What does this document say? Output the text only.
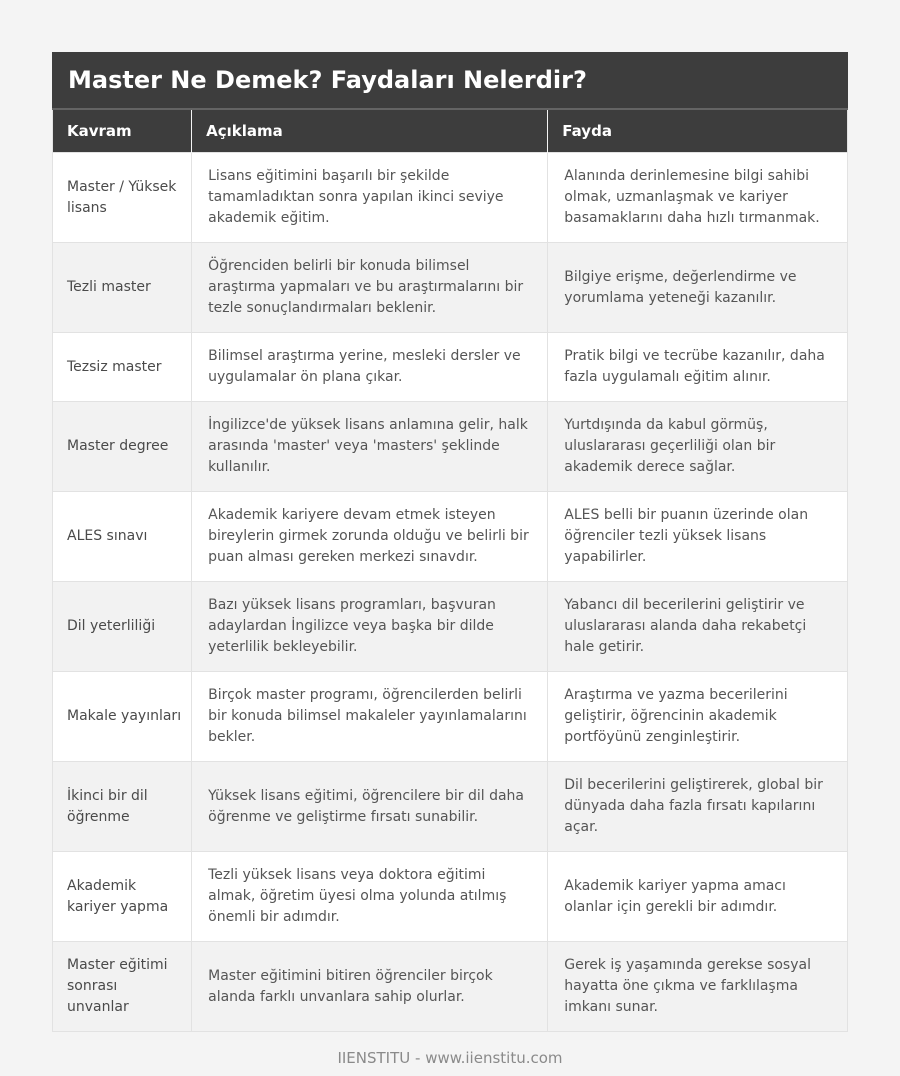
Master Ne Demek? Faydaları Nelerdir?
Kavram	Açıklama	Fayda
Master / Yüksek lisans	Lisans eğitimini başarılı bir şekilde tamamladıktan sonra yapılan ikinci seviye akademik eğitim.	Alanında derinlemesine bilgi sahibi olmak, uzmanlaşmak ve kariyer basamaklarını daha hızlı tırmanmak.
Tezli master	Öğrenciden belirli bir konuda bilimsel araştırma yapmaları ve bu araştırmalarını bir tezle sonuçlandırmaları beklenir.	Bilgiye erişme, değerlendirme ve yorumlama yeteneği kazanılır.
Tezsiz master	Bilimsel araştırma yerine, mesleki dersler ve uygulamalar ön plana çıkar.	Pratik bilgi ve tecrübe kazanılır, daha fazla uygulamalı eğitim alınır.
Master degree	İngilizce'de yüksek lisans anlamına gelir, halk arasında 'master' veya 'masters' şeklinde kullanılır.	Yurtdışında da kabul görmüş, uluslararası geçerliliği olan bir akademik derece sağlar.
ALES sınavı	Akademik kariyere devam etmek isteyen bireylerin girmek zorunda olduğu ve belirli bir puan alması gereken merkezi sınavdır.	ALES belli bir puanın üzerinde olan öğrenciler tezli yüksek lisans yapabilirler.
Dil yeterliliği	Bazı yüksek lisans programları, başvuran adaylardan İngilizce veya başka bir dilde yeterlilik bekleyebilir.	Yabancı dil becerilerini geliştirir ve uluslararası alanda daha rekabetçi hale getirir.
Makale yayınları	Birçok master programı, öğrencilerden belirli bir konuda bilimsel makaleler yayınlamalarını bekler.	Araştırma ve yazma becerilerini geliştirir, öğrencinin akademik portföyünü zenginleştirir.
İkinci bir dil öğrenme	Yüksek lisans eğitimi, öğrencilere bir dil daha öğrenme ve geliştirme fırsatı sunabilir.	Dil becerilerini geliştirerek, global bir dünyada daha fazla fırsatı kapılarını açar.
Akademik kariyer yapma	Tezli yüksek lisans veya doktora eğitimi almak, öğretim üyesi olma yolunda atılmış önemli bir adımdır.	Akademik kariyer yapma amacı olanlar için gerekli bir adımdır.
Master eğitimi sonrası unvanlar	Master eğitimini bitiren öğrenciler birçok alanda farklı unvanlara sahip olurlar.	Gerek iş yaşamında gerekse sosyal hayatta öne çıkma ve farklılaşma imkanı sunar.
IIENSTITU - www.iienstitu.com
